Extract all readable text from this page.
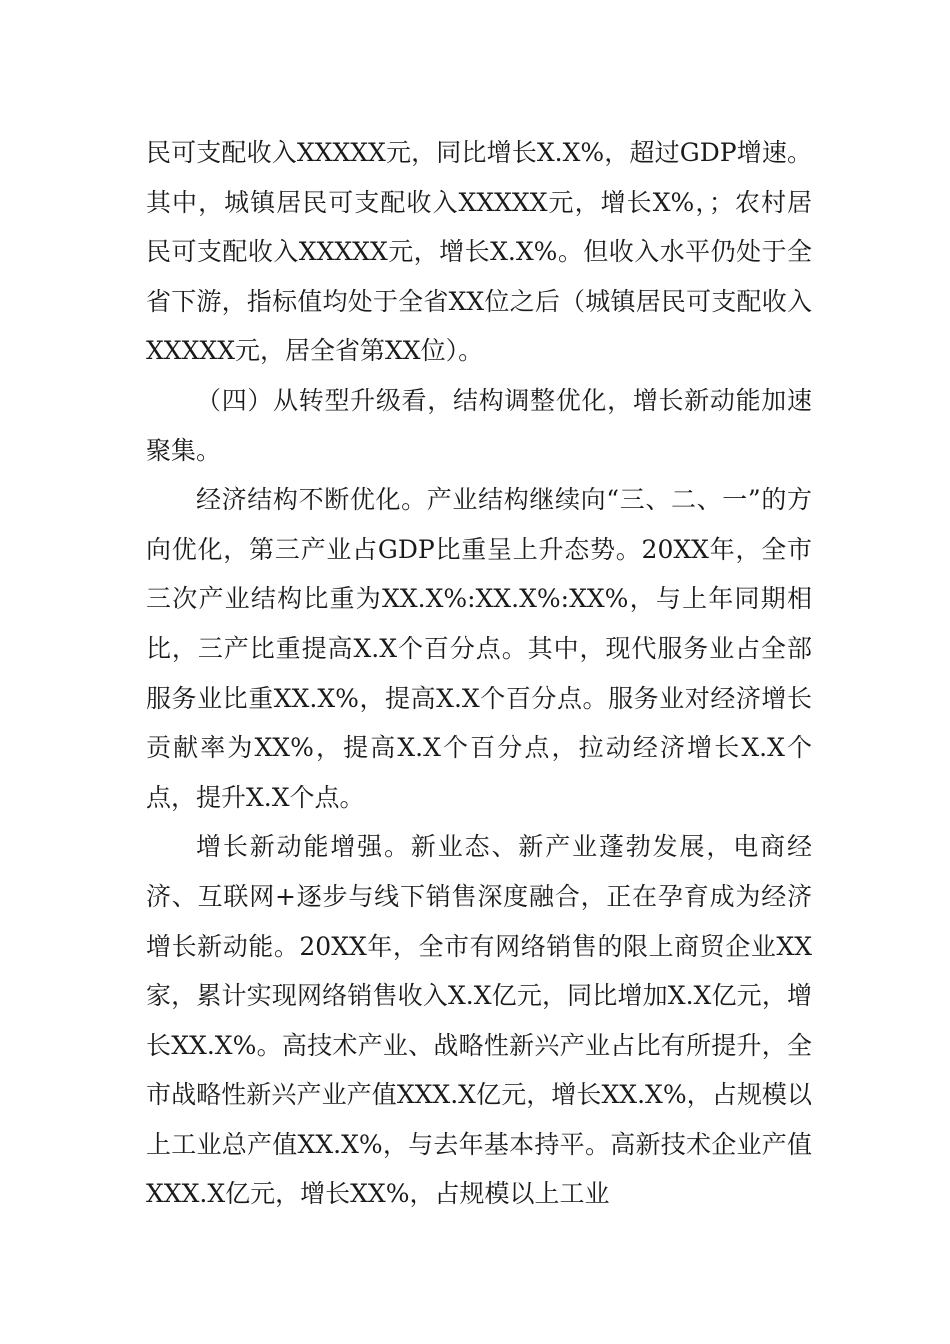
民可支配收入XXXXX元，同比增长X.X%，超过GDP增速。其中，城镇居民可支配收入XXXXX元，增长X%，；农村居民可支配收入XXXXX元，增长X.X%。但收入水平仍处于全省下游，指标值均处于全省XX位之后（城镇居民可支配收入XXXXX元，居全省第XX位）。

（四）从转型升级看，结构调整优化，增长新动能加速聚集。

经济结构不断优化。产业结构继续向“三、二、一”的方向优化，第三产业占GDP比重呈上升态势。20XX年，全市三次产业结构比重为XX.X%:XX.X%:XX%，与上年同期相比，三产比重提高X.X个百分点。其中，现代服务业占全部服务业比重XX.X%，提高X.X个百分点。服务业对经济增长贡献率为XX%，提高X.X个百分点，拉动经济增长X.X个点，提升X.X个点。

增长新动能增强。新业态、新产业蓬勃发展，电商经济、互联网+逐步与线下销售深度融合，正在孕育成为经济增长新动能。20XX年，全市有网络销售的限上商贸企业XX家，累计实现网络销售收入X.X亿元，同比增加X.X亿元，增长XX.X%。高技术产业、战略性新兴产业占比有所提升，全市战略性新兴产业产值XXX.X亿元，增长XX.X%，占规模以上工业总产值XX.X%，与去年基本持平。高新技术企业产值XXX.X亿元，增长XX%，占规模以上工业
